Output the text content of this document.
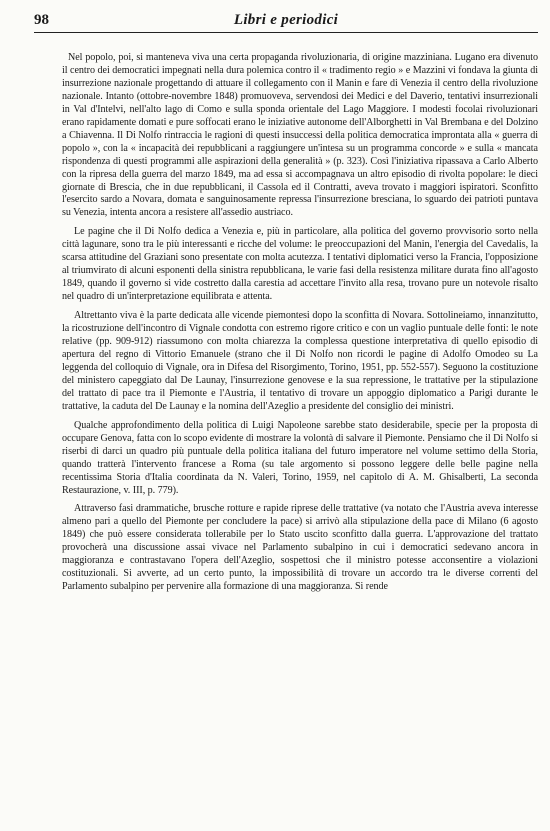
98	Libri e periodici

Nel popolo, poi, si manteneva viva una certa propaganda rivoluzionaria, di origine mazziniana. Lugano era divenuto il centro dei democratici impegnati nella dura polemica contro il « tradimento regio » e Mazzini vi fondava la giunta di insurrezione nazionale progettando di attuare il collegamento con il Manin e fare di Venezia il centro della rivoluzione nazionale. Intanto (ottobre-novembre 1848) promuoveva, servendosi dei Medici e del Daverio, tentativi insurrezionali in Val d'Intelvi, nell'alto lago di Como e sulla sponda orientale del Lago Maggiore. I modesti focolai rivoluzionari erano rapidamente domati e pure soffocati erano le iniziative autonome dell'Alborghetti in Val Brembana e del Dolzino a Chiavenna. Il Di Nolfo rintraccia le ragioni di questi insuccessi della politica democratica improntata alla « guerra di popolo », con la « incapacità dei repubblicani a raggiungere un'intesa su un programma concorde » e sulla « mancata rispondenza di questi programmi alle aspirazioni della generalità » (p. 323). Così l'iniziativa ripassava a Carlo Alberto con la ripresa della guerra del marzo 1849, ma ad essa si accompagnava un altro episodio di rivolta popolare: le dieci giornate di Brescia, che in due repubblicani, il Cassola ed il Contratti, aveva trovato i maggiori ispiratori. Sconfitto l'esercito sardo a Novara, domata e sanguinosamente repressa l'insurrezione bresciana, lo sguardo dei patrioti puntava su Venezia, intenta ancora a resistere all'assedio austriaco.

Le pagine che il Di Nolfo dedica a Venezia e, più in particolare, alla politica del governo provvisorio sorto nella città lagunare, sono tra le più interessanti e ricche del volume: le preoccupazioni del Manin, l'energia del Cavedalis, la scarsa attitudine del Graziani sono presentate con molta acutezza. I tentativi diplomatici verso la Francia, l'opposizione al triumvirato di alcuni esponenti della sinistra repubblicana, le varie fasi della resistenza militare durata fino all'agosto 1849, quando il governo si vide costretto dalla carestia ad accettare l'invito alla resa, trovano pure un notevole risalto nel quadro di un'interpretazione equilibrata e attenta.

Altrettanto viva è la parte dedicata alle vicende piemontesi dopo la sconfitta di Novara. Sottolineiamo, innanzitutto, la ricostruzione dell'incontro di Vignale condotta con estremo rigore critico e con un vaglio puntuale delle fonti: le note relative (pp. 909-912) riassumono con molta chiarezza la complessa questione interpretativa di quello episodio di apertura del regno di Vittorio Emanuele (strano che il Di Nolfo non ricordi le pagine di Adolfo Omodeo su La leggenda del colloquio di Vignale, ora in Difesa del Risorgimento, Torino, 1951, pp. 552-557). Seguono la costituzione del ministero capeggiato dal De Launay, l'insurrezione genovese e la sua repressione, le trattative per la stipulazione del trattato di pace tra il Piemonte e l'Austria, il tentativo di trovare un appoggio diplomatico a Parigi durante le trattative, la caduta del De Launay e la nomina dell'Azeglio a presidente del consiglio dei ministri.

Qualche approfondimento della politica di Luigi Napoleone sarebbe stato desiderabile, specie per la proposta di occupare Genova, fatta con lo scopo evidente di mostrare la volontà di salvare il Piemonte. Pensiamo che il Di Nolfo si riserbi di darci un quadro più puntuale della politica italiana del futuro imperatore nel volume settimo della Storia, quando tratterà l'intervento francese a Roma (su tale argomento si possono leggere delle belle pagine nella recentissima Storia d'Italia coordinata da N. Valeri, Torino, 1959, nel capitolo di A. M. Ghisalberti, La seconda Restaurazione, v. III, p. 779).

Attraverso fasi drammatiche, brusche rotture e rapide riprese delle trattative (va notato che l'Austria aveva interesse almeno pari a quello del Piemonte per concludere la pace) si arrivò alla stipulazione della pace di Milano (6 agosto 1849) che può essere considerata tollerabile per lo Stato uscito sconfitto dalla guerra. L'approvazione del trattato provocherà una discussione assai vivace nel Parlamento subalpino in cui i democratici sedevano ancora in maggioranza e contrastavano l'opera dell'Azeglio, sospettosi che il ministro potesse acconsentire a violazioni costituzionali. Si avverte, ad un certo punto, la impossibilità di trovare un accordo tra le diverse correnti del Parlamento subalpino per pervenire alla formazione di una maggioranza. Si rende
